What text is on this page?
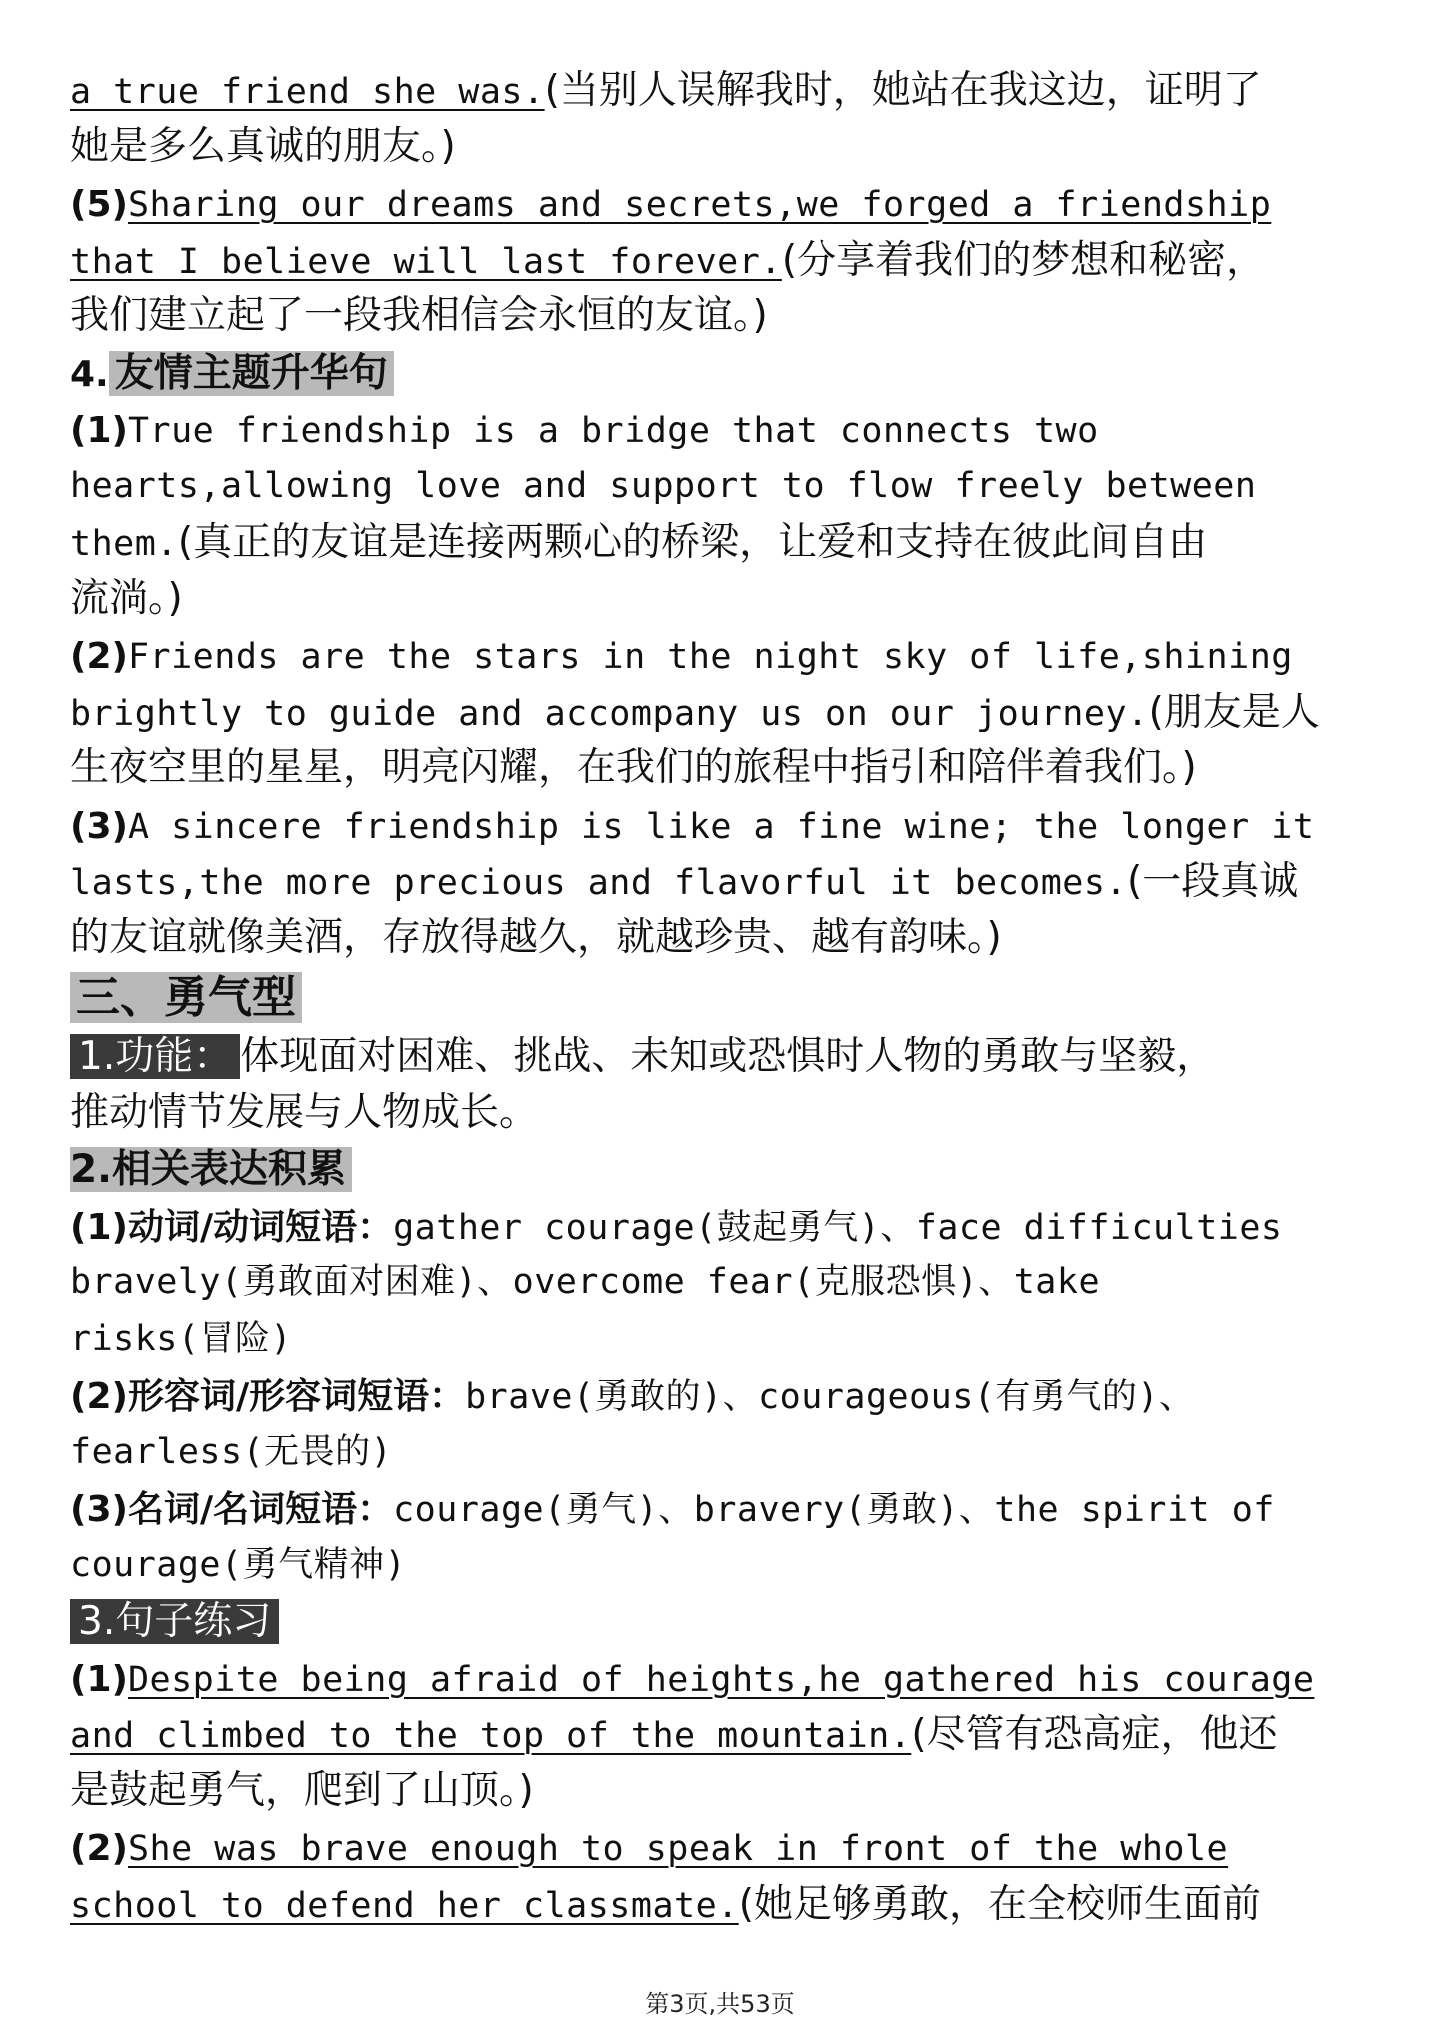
a true friend she was.(当别人误解我时，她站在我这边，证明了
她是多么真诚的朋友。)
(5)Sharing our dreams and secrets,we forged a friendship
that I believe will last forever.(分享着我们的梦想和秘密，
我们建立起了一段我相信会永恒的友谊。)
4. 友情主题升华句
(1)True friendship is a bridge that connects two
hearts,allowing love and support to flow freely between
them.(真正的友谊是连接两颗心的桥梁，让爱和支持在彼此间自由
流淌。)
(2)Friends are the stars in the night sky of life,shining
brightly to guide and accompany us on our journey.(朋友是人
生夜空里的星星，明亮闪耀，在我们的旅程中指引和陪伴着我们。)
(3)A sincere friendship is like a fine wine; the longer it
lasts,the more precious and flavorful it becomes.(一段真诚
的友谊就像美酒，存放得越久，就越珍贵、越有韵味。)
三、勇气型
1.功能： 体现面对困难、挑战、未知或恐惧时人物的勇敢与坚毅，
推动情节发展与人物成长。
2.相关表达积累
(1)动词/动词短语：gather courage(鼓起勇气)、face difficulties
bravely(勇敢面对困难)、overcome fear(克服恐惧)、take
risks(冒险)
(2)形容词/形容词短语：brave(勇敢的)、courageous(有勇气的)、
fearless(无畏的)
(3)名词/名词短语：courage(勇气)、bravery(勇敢)、the spirit of
courage(勇气精神)
3.句子练习
(1)Despite being afraid of heights,he gathered his courage
and climbed to the top of the mountain.(尽管有恐高症，他还
是鼓起勇气，爬到了山顶。)
(2)She was brave enough to speak in front of the whole
school to defend her classmate.(她足够勇敢，在全校师生面前
第3页,共53页
